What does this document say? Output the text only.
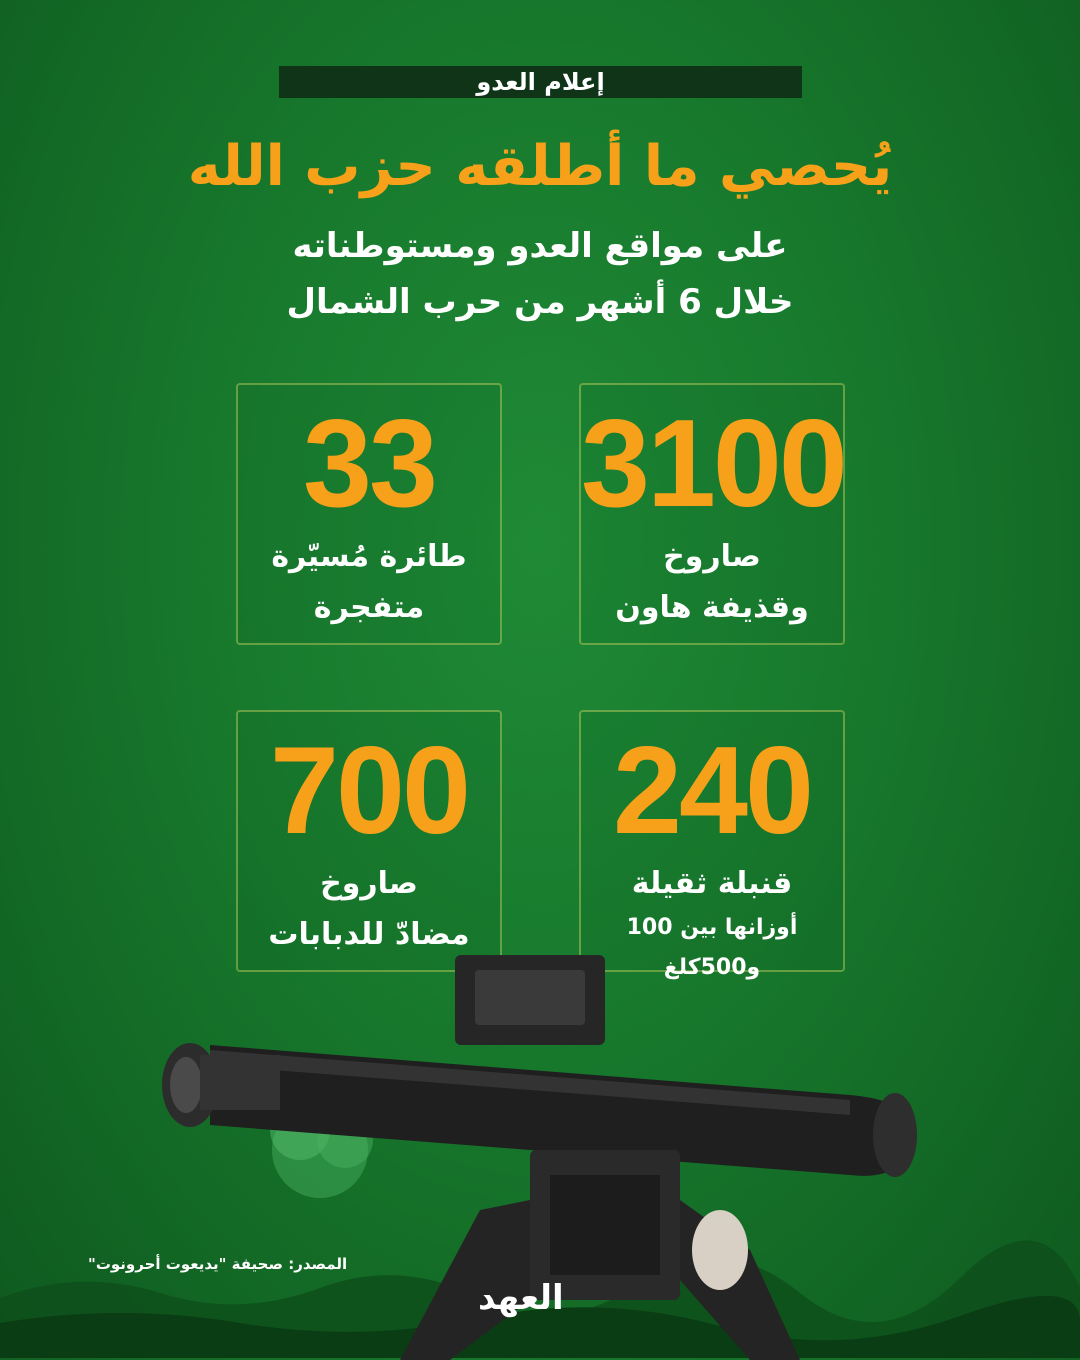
إعلام العدو
يُحصي ما أطلقه حزب الله
على مواقع العدو ومستوطناته
خلال 6 أشهر من حرب الشمال
3100
صاروخ
وقذيفة هاون
33
طائرة مُسيّرة
متفجرة
240
قنبلة ثقيلة
أوزانها بين 100 و500كلغ
700
صاروخ
مضادّ للدبابات
المصدر: صحيفة "يديعوت أحرونوت"
العهد
